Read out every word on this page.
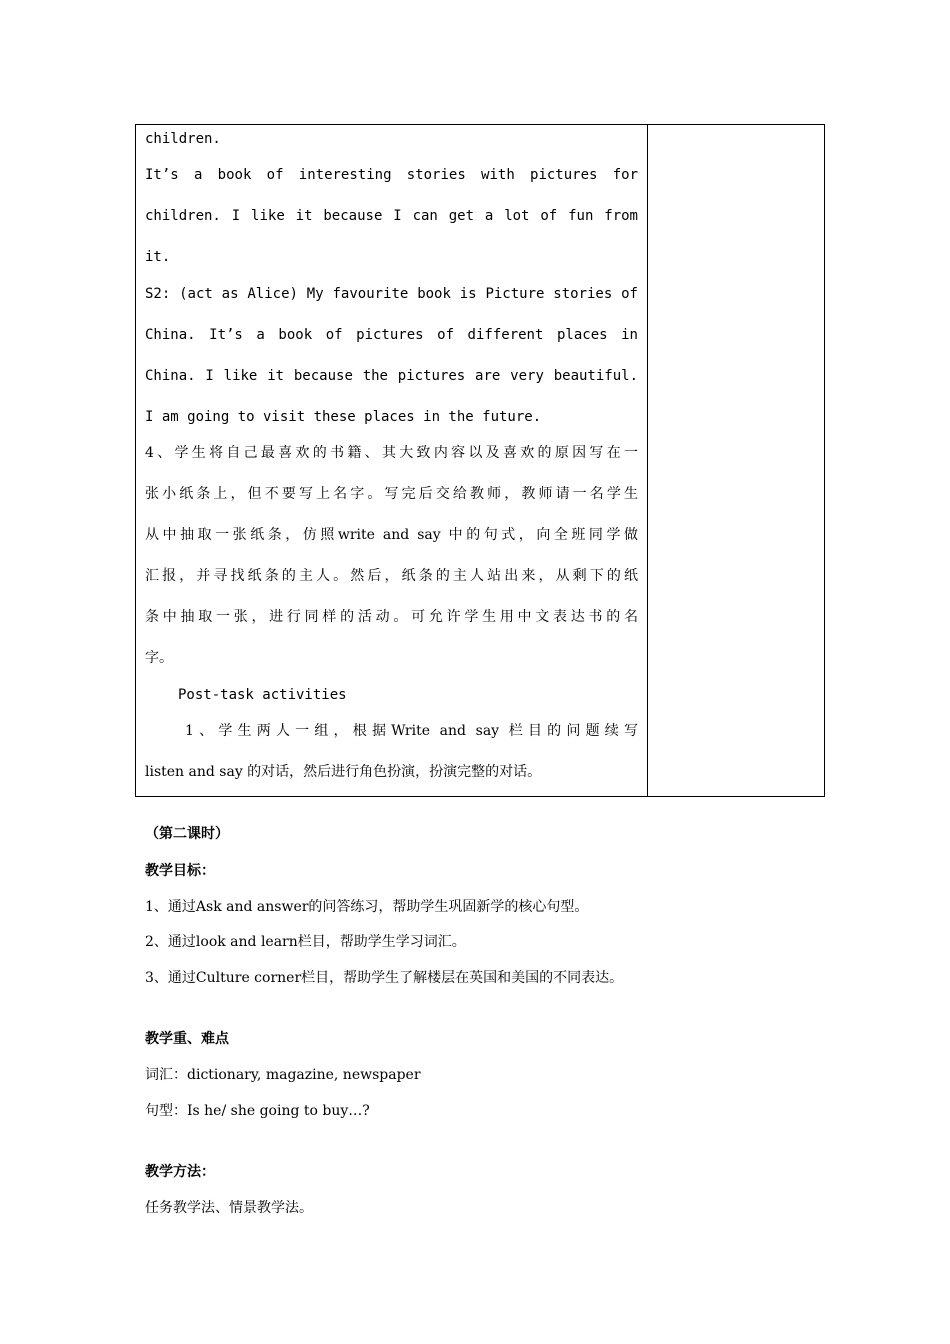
children.
It’s a book of interesting stories with pictures for
children. I like it because I can get a lot of fun from
it.
S2: (act as Alice) My favourite book is Picture stories of
China. It’s a book of pictures of different places in
China. I like it because the pictures are very beautiful.
I am going to visit these places in the future.
4、学生将自己最喜欢的书籍、其大致内容以及喜欢的原因写在一
张小纸条上，但不要写上名字。写完后交给教师，教师请一名学生
从中抽取一张纸条，仿照write and say 中的句式，向全班同学做
汇报，并寻找纸条的主人。然后，纸条的主人站出来，从剩下的纸
条中抽取一张，进行同样的活动。可允许学生用中文表达书的名
字。
Post-task activities
1、学生两人一组，根据Write and say 栏目的问题续写
listen and say 的对话，然后进行角色扮演，扮演完整的对话。
（第二课时）
教学目标：
1、通过Ask and answer的问答练习，帮助学生巩固新学的核心句型。
2、通过look and learn栏目，帮助学生学习词汇。
3、通过Culture corner栏目，帮助学生了解楼层在英国和美国的不同表达。
教学重、难点
词汇：dictionary, magazine, newspaper
句型：Is he/ she going to buy…?
教学方法：
任务教学法、情景教学法。
